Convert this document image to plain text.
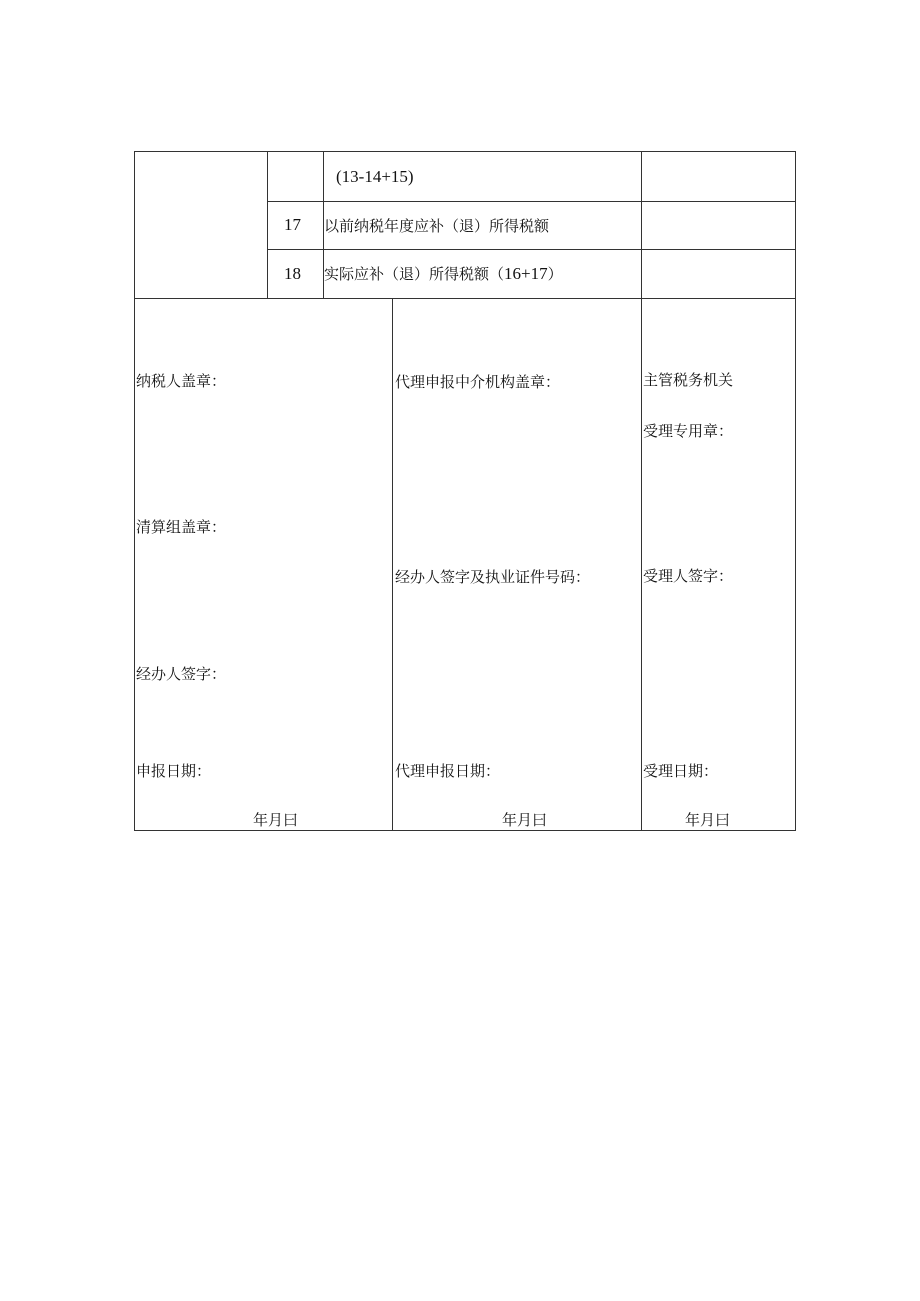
(13-14+15)
17 以前纳税年度应补（退）所得税额
18 实际应补（退）所得税额（16+17）
纳税人盖章：
清算组盖章：
经办人签字：
申报日期：
年月曰
代理申报中介机构盖章：
经办人签字及执业证件号码：
代理申报日期：
年月曰
主管税务机关
受理专用章：
受理人签字：
受理日期：
年月曰
